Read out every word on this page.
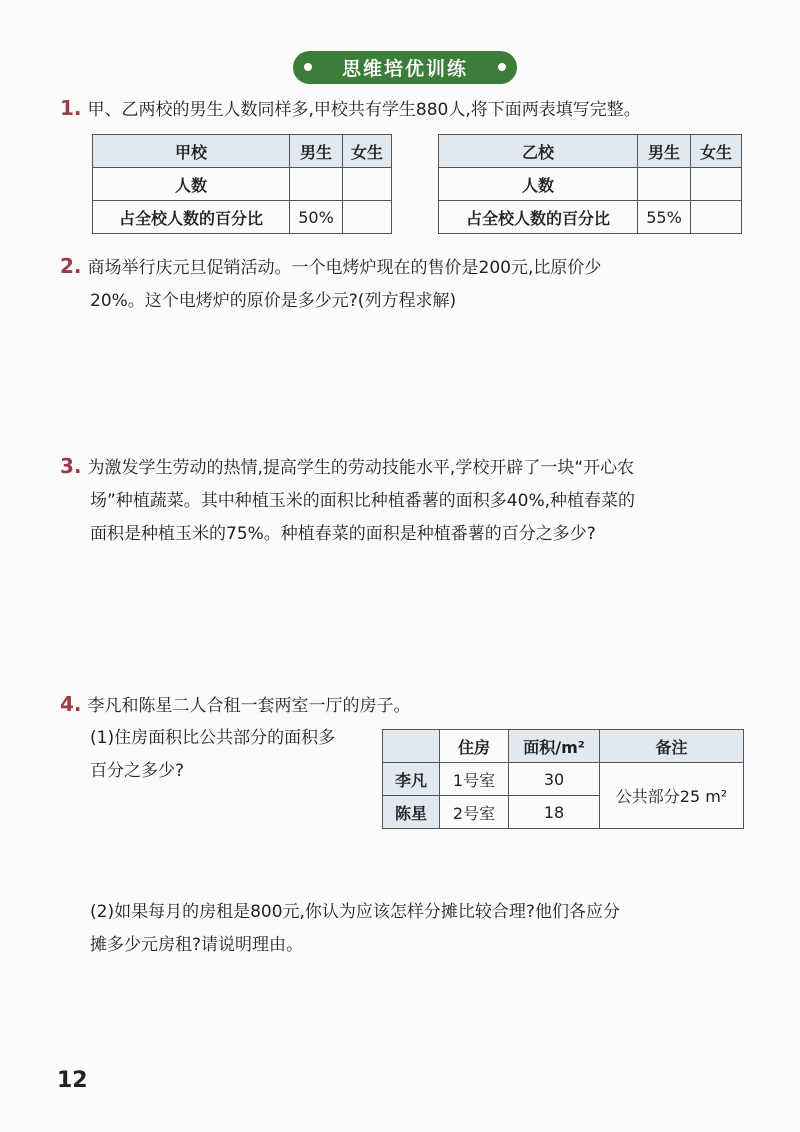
思维培优训练
1. 甲、乙两校的男生人数同样多,甲校共有学生880人,将下面两表填写完整。
甲校	男生	女生
人数		
占全校人数的百分比	50%	
乙校	男生	女生
人数		
占全校人数的百分比	55%	
2. 商场举行庆元旦促销活动。一个电烤炉现在的售价是200元,比原价少
20%。这个电烤炉的原价是多少元?(列方程求解)
3. 为激发学生劳动的热情,提高学生的劳动技能水平,学校开辟了一块“开心农
场”种植蔬菜。其中种植玉米的面积比种植番薯的面积多40%,种植春菜的
面积是种植玉米的75%。种植春菜的面积是种植番薯的百分之多少?
4. 李凡和陈星二人合租一套两室一厅的房子。
(1)住房面积比公共部分的面积多
百分之多少?
	住房	面积/m²	备注
李凡	1号室	30	公共部分25 m²
陈星	2号室	18	
(2)如果每月的房租是800元,你认为应该怎样分摊比较合理?他们各应分
摊多少元房租?请说明理由。
12
